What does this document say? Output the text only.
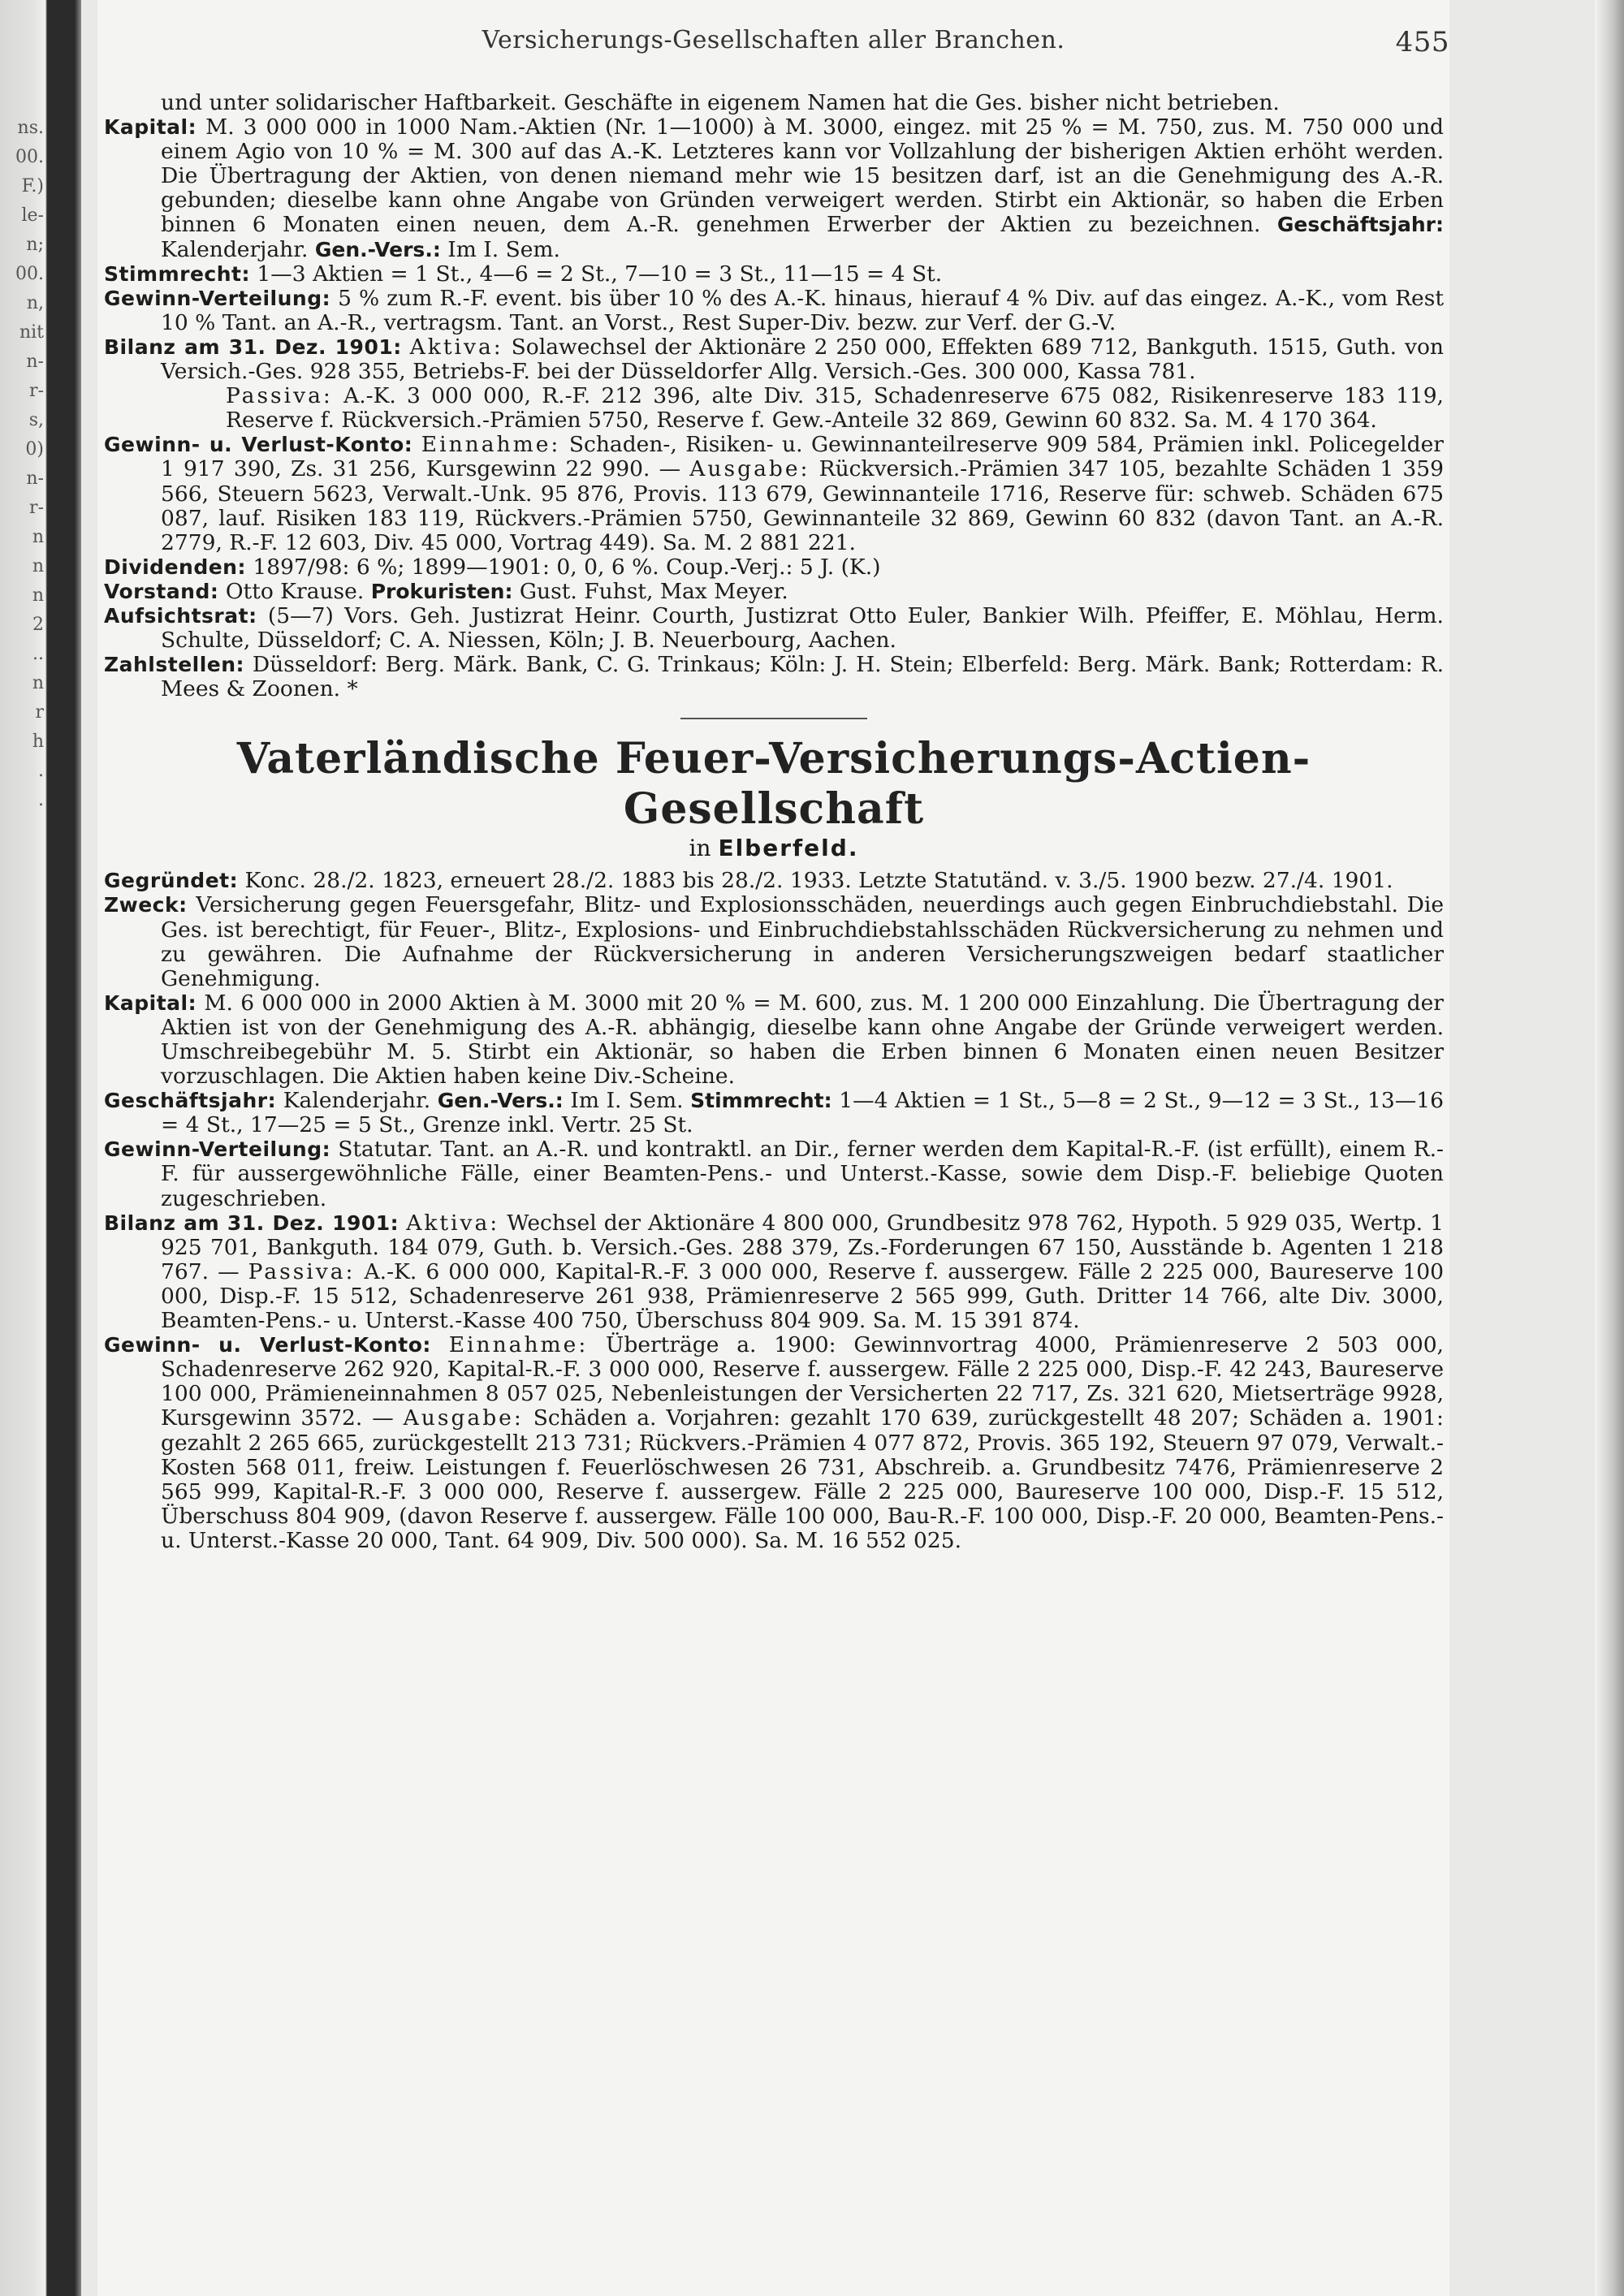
ns.
00.
F.)
le-
n;
00.
n,
nit
n-
r-
s,
0)
n-
r-
n
n
n
2
..
n
r
h
.
.
Versicherungs-Gesellschaften aller Branchen.	455

und unter solidarischer Haftbarkeit. Geschäfte in eigenem Namen hat die Ges. bisher nicht betrieben.

Kapital: M. 3 000 000 in 1000 Nam.-Aktien (Nr. 1—1000) à M. 3000, eingez. mit 25 % = M. 750, zus. M. 750 000 und einem Agio von 10 % = M. 300 auf das A.-K. Letzteres kann vor Vollzahlung der bisherigen Aktien erhöht werden. Die Übertragung der Aktien, von denen niemand mehr wie 15 besitzen darf, ist an die Genehmigung des A.-R. gebunden; dieselbe kann ohne Angabe von Gründen verweigert werden. Stirbt ein Aktionär, so haben die Erben binnen 6 Monaten einen neuen, dem A.-R. genehmen Erwerber der Aktien zu bezeichnen. Geschäftsjahr: Kalenderjahr. Gen.-Vers.: Im I. Sem.

Stimmrecht: 1—3 Aktien = 1 St., 4—6 = 2 St., 7—10 = 3 St., 11—15 = 4 St.

Gewinn-Verteilung: 5 % zum R.-F. event. bis über 10 % des A.-K. hinaus, hierauf 4 % Div. auf das eingez. A.-K., vom Rest 10 % Tant. an A.-R., vertragsm. Tant. an Vorst., Rest Super-Div. bezw. zur Verf. der G.-V.

Bilanz am 31. Dez. 1901: Aktiva: Solawechsel der Aktionäre 2 250 000, Effekten 689 712, Bankguth. 1515, Guth. von Versich.-Ges. 928 355, Betriebs-F. bei der Düsseldorfer Allg. Versich.-Ges. 300 000, Kassa 781.

Passiva: A.-K. 3 000 000, R.-F. 212 396, alte Div. 315, Schadenreserve 675 082, Risikenreserve 183 119, Reserve f. Rückversich.-Prämien 5750, Reserve f. Gew.-Anteile 32 869, Gewinn 60 832. Sa. M. 4 170 364.

Gewinn- u. Verlust-Konto: Einnahme: Schaden-, Risiken- u. Gewinnanteilreserve 909 584, Prämien inkl. Policegelder 1 917 390, Zs. 31 256, Kursgewinn 22 990. — Ausgabe: Rückversich.-Prämien 347 105, bezahlte Schäden 1 359 566, Steuern 5623, Verwalt.-Unk. 95 876, Provis. 113 679, Gewinnanteile 1716, Reserve für: schweb. Schäden 675 087, lauf. Risiken 183 119, Rückvers.-Prämien 5750, Gewinnanteile 32 869, Gewinn 60 832 (davon Tant. an A.-R. 2779, R.-F. 12 603, Div. 45 000, Vortrag 449). Sa. M. 2 881 221.

Dividenden: 1897/98: 6 %; 1899—1901: 0, 0, 6 %. Coup.-Verj.: 5 J. (K.)

Vorstand: Otto Krause. Prokuristen: Gust. Fuhst, Max Meyer.

Aufsichtsrat: (5—7) Vors. Geh. Justizrat Heinr. Courth, Justizrat Otto Euler, Bankier Wilh. Pfeiffer, E. Möhlau, Herm. Schulte, Düsseldorf; C. A. Niessen, Köln; J. B. Neuerbourg, Aachen.

Zahlstellen: Düsseldorf: Berg. Märk. Bank, C. G. Trinkaus; Köln: J. H. Stein; Elberfeld: Berg. Märk. Bank; Rotterdam: R. Mees & Zoonen. *

Vaterländische Feuer-Versicherungs-Actien-Gesellschaft
in Elberfeld.

Gegründet: Konc. 28./2. 1823, erneuert 28./2. 1883 bis 28./2. 1933. Letzte Statutänd. v. 3./5. 1900 bezw. 27./4. 1901.

Zweck: Versicherung gegen Feuersgefahr, Blitz- und Explosionsschäden, neuerdings auch gegen Einbruchdiebstahl. Die Ges. ist berechtigt, für Feuer-, Blitz-, Explosions- und Einbruchdiebstahlsschäden Rückversicherung zu nehmen und zu gewähren. Die Aufnahme der Rückversicherung in anderen Versicherungszweigen bedarf staatlicher Genehmigung.

Kapital: M. 6 000 000 in 2000 Aktien à M. 3000 mit 20 % = M. 600, zus. M. 1 200 000 Einzahlung. Die Übertragung der Aktien ist von der Genehmigung des A.-R. abhängig, dieselbe kann ohne Angabe der Gründe verweigert werden. Umschreibegebühr M. 5. Stirbt ein Aktionär, so haben die Erben binnen 6 Monaten einen neuen Besitzer vorzuschlagen. Die Aktien haben keine Div.-Scheine.

Geschäftsjahr: Kalenderjahr. Gen.-Vers.: Im I. Sem. Stimmrecht: 1—4 Aktien = 1 St., 5—8 = 2 St., 9—12 = 3 St., 13—16 = 4 St., 17—25 = 5 St., Grenze inkl. Vertr. 25 St.

Gewinn-Verteilung: Statutar. Tant. an A.-R. und kontraktl. an Dir., ferner werden dem Kapital-R.-F. (ist erfüllt), einem R.-F. für aussergewöhnliche Fälle, einer Beamten-Pens.- und Unterst.-Kasse, sowie dem Disp.-F. beliebige Quoten zugeschrieben.

Bilanz am 31. Dez. 1901: Aktiva: Wechsel der Aktionäre 4 800 000, Grundbesitz 978 762, Hypoth. 5 929 035, Wertp. 1 925 701, Bankguth. 184 079, Guth. b. Versich.-Ges. 288 379, Zs.-Forderungen 67 150, Ausstände b. Agenten 1 218 767. — Passiva: A.-K. 6 000 000, Kapital-R.-F. 3 000 000, Reserve f. aussergew. Fälle 2 225 000, Baureserve 100 000, Disp.-F. 15 512, Schadenreserve 261 938, Prämienreserve 2 565 999, Guth. Dritter 14 766, alte Div. 3000, Beamten-Pens.- u. Unterst.-Kasse 400 750, Überschuss 804 909. Sa. M. 15 391 874.

Gewinn- u. Verlust-Konto: Einnahme: Überträge a. 1900: Gewinnvortrag 4000, Prämienreserve 2 503 000, Schadenreserve 262 920, Kapital-R.-F. 3 000 000, Reserve f. aussergew. Fälle 2 225 000, Disp.-F. 42 243, Baureserve 100 000, Prämieneinnahmen 8 057 025, Nebenleistungen der Versicherten 22 717, Zs. 321 620, Mietserträge 9928, Kursgewinn 3572. — Ausgabe: Schäden a. Vorjahren: gezahlt 170 639, zurückgestellt 48 207; Schäden a. 1901: gezahlt 2 265 665, zurückgestellt 213 731; Rückvers.-Prämien 4 077 872, Provis. 365 192, Steuern 97 079, Verwalt.-Kosten 568 011, freiw. Leistungen f. Feuerlöschwesen 26 731, Abschreib. a. Grundbesitz 7476, Prämienreserve 2 565 999, Kapital-R.-F. 3 000 000, Reserve f. aussergew. Fälle 2 225 000, Baureserve 100 000, Disp.-F. 15 512, Überschuss 804 909, (davon Reserve f. aussergew. Fälle 100 000, Bau-R.-F. 100 000, Disp.-F. 20 000, Beamten-Pens.- u. Unterst.-Kasse 20 000, Tant. 64 909, Div. 500 000). Sa. M. 16 552 025.
